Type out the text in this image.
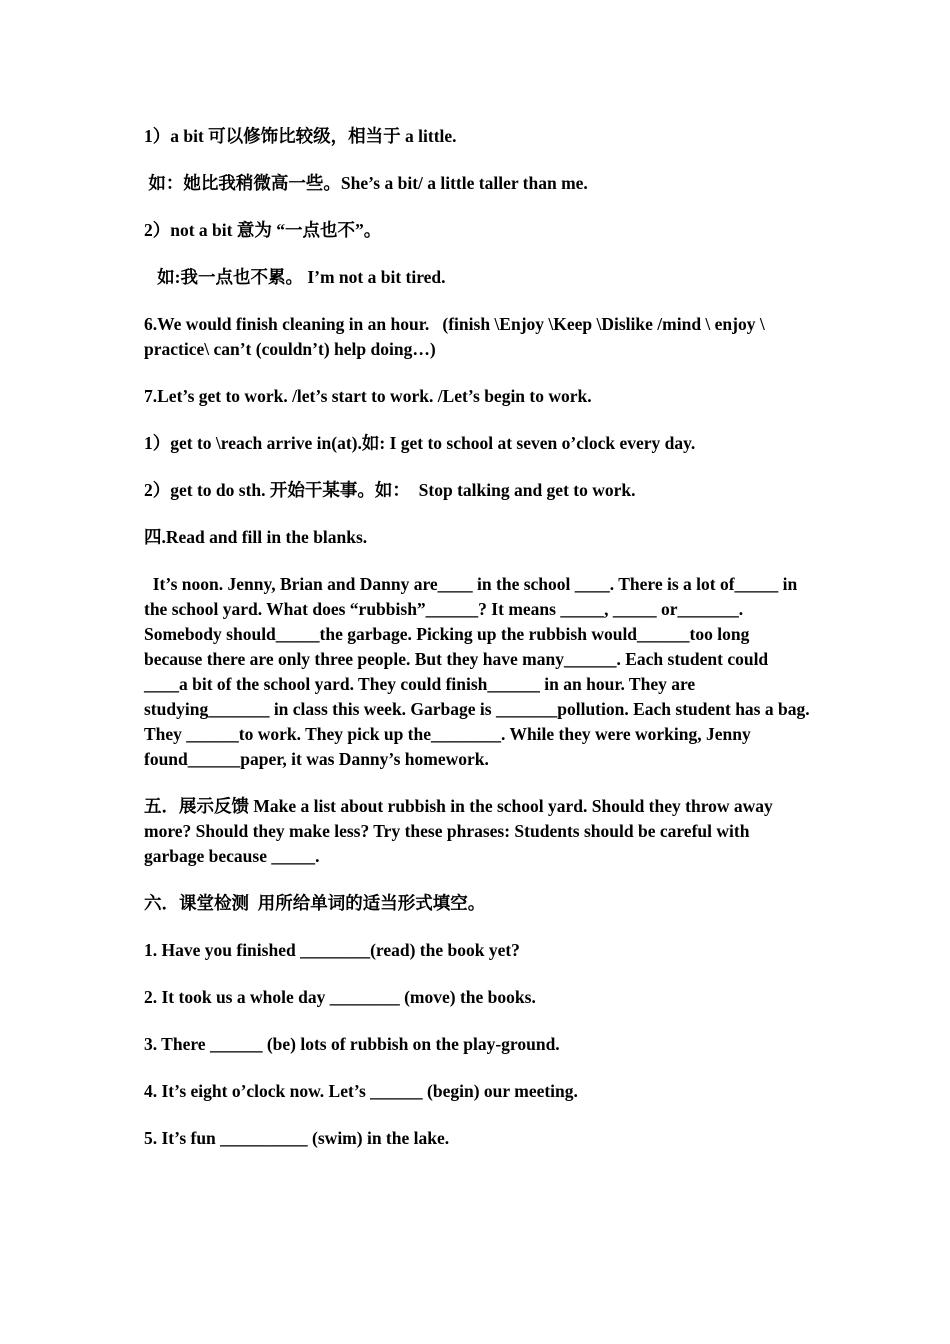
1）a bit 可以修饰比较级，相当于 a little.

如：她比我稍微高一些。She’s a bit/ a little taller than me.

2）not a bit 意为 “一点也不”。

如:我一点也不累。 I’m not a bit tired.

6.We would finish cleaning in an hour.   (finish \Enjoy \Keep \Dislike /mind \ enjoy \ practice\ can’t (couldn’t) help doing…)

7.Let’s get to work. /let’s start to work. /Let’s begin to work.

1）get to \reach arrive in(at).如: I get to school at seven o’clock every day.

2）get to do sth. 开始干某事。如：  Stop talking and get to work.

四.Read and fill in the blanks.

It’s noon. Jenny, Brian and Danny are____ in the school ____. There is a lot of_____ in the school yard. What does “rubbish”______? It means _____, _____ or_______. Somebody should_____the garbage. Picking up the rubbish would______too long because there are only three people. But they have many______. Each student could ____a bit of the school yard. They could finish______ in an hour. They are studying_______ in class this week. Garbage is _______pollution. Each student has a bag. They ______to work. They pick up the________. While they were working, Jenny found______paper, it was Danny’s homework.

五．展示反馈 Make a list about rubbish in the school yard. Should they throw away more? Should they make less? Try these phrases: Students should be careful with garbage because _____.

六．课堂检测  用所给单词的适当形式填空。

1. Have you finished ________(read) the book yet?

2. It took us a whole day ________ (move) the books.

3. There ______ (be) lots of rubbish on the play-ground.

4. It’s eight o’clock now. Let’s ______ (begin) our meeting.

5. It’s fun __________ (swim) in the lake.
